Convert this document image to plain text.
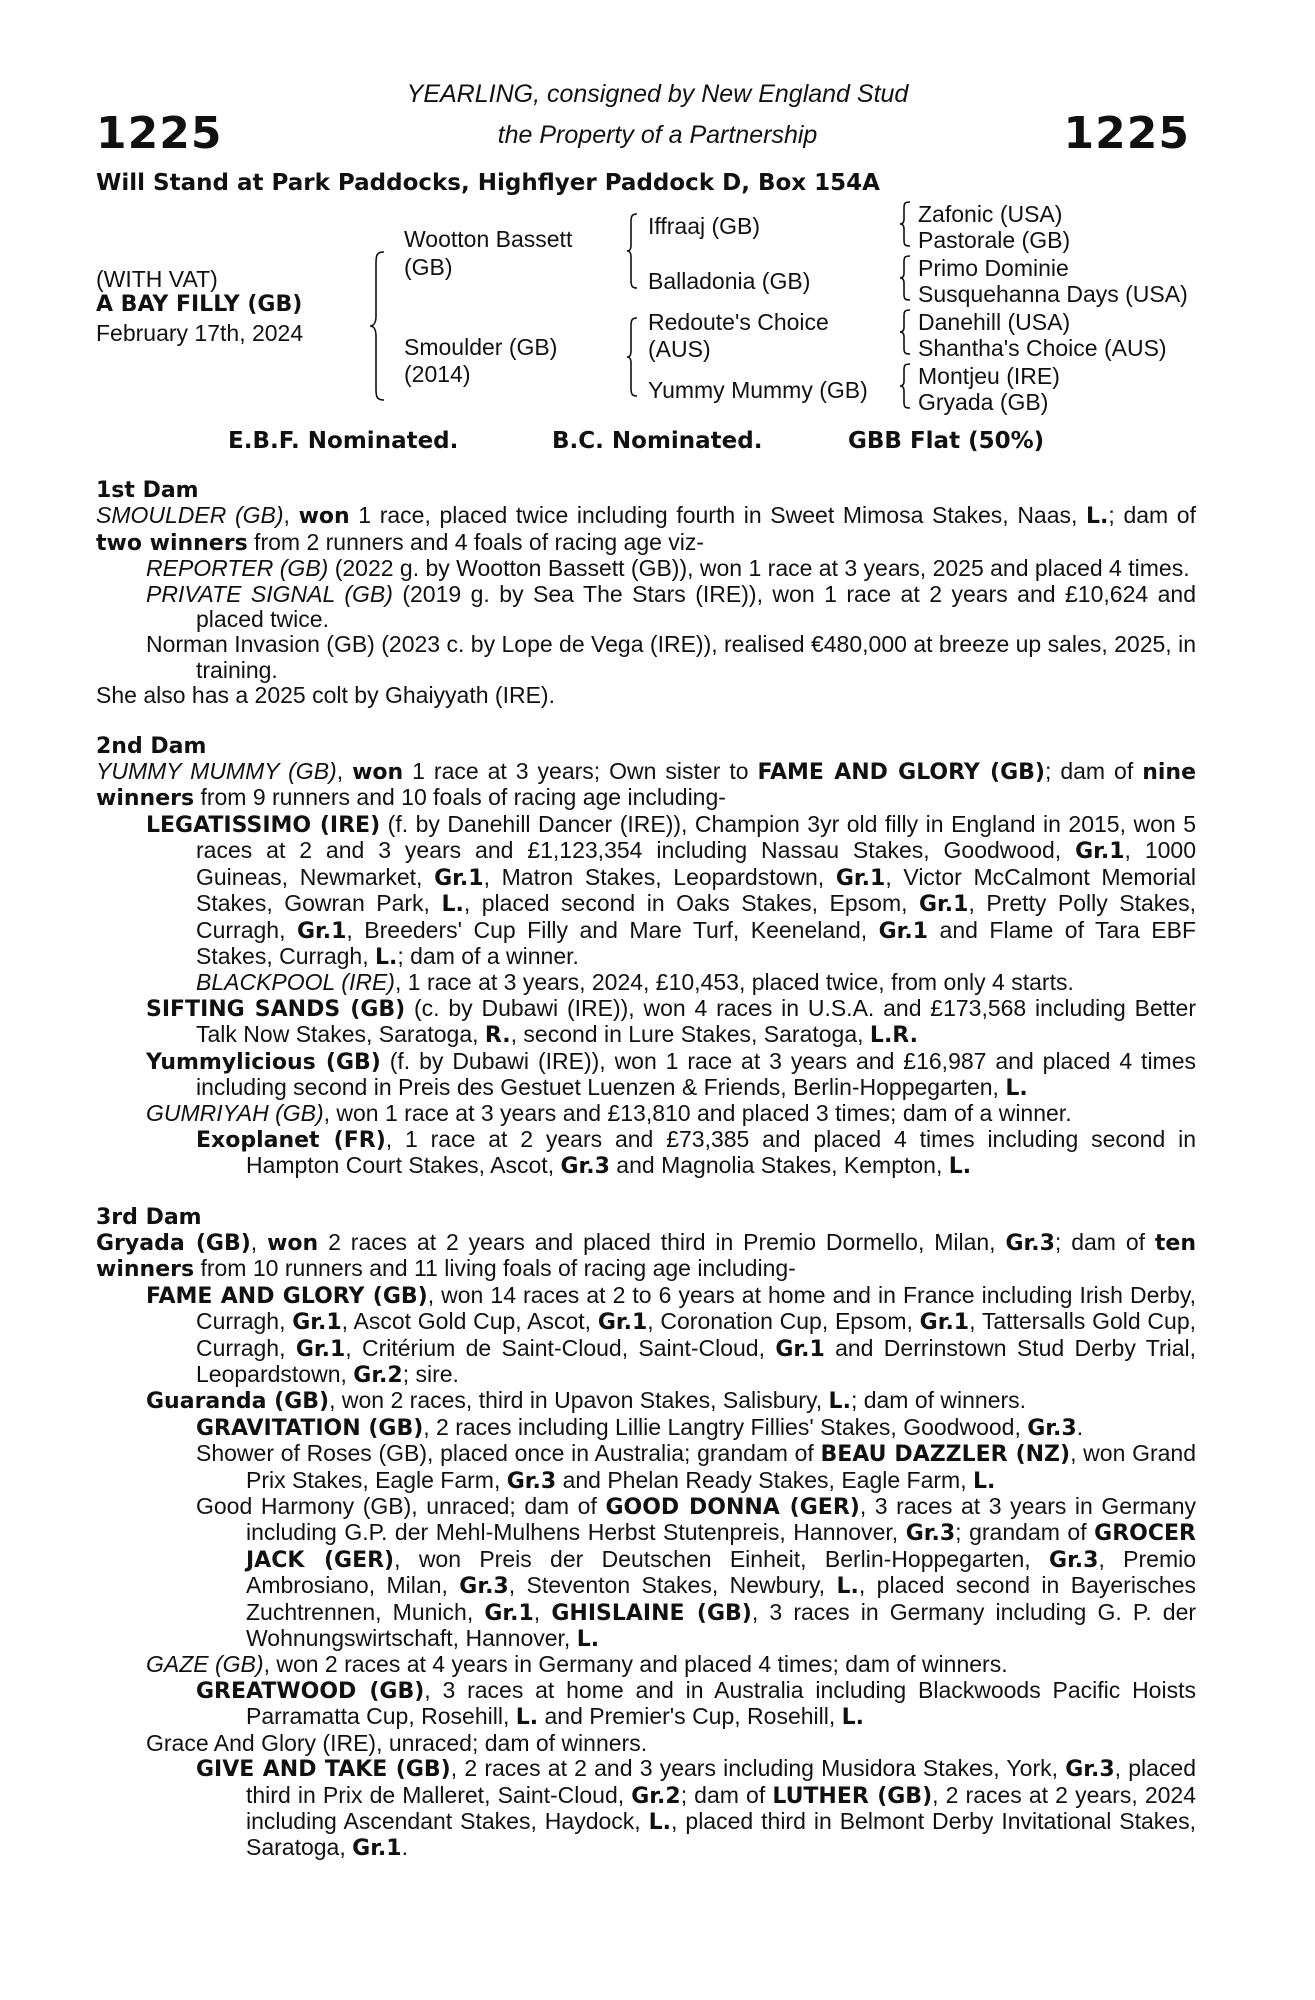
1225	1225
YEARLING, consigned by New England Stud
the Property of a Partnership
Will Stand at Park Paddocks, Highflyer Paddock D, Box 154A
(WITH VAT)
A BAY FILLY (GB)
February 17th, 2024
Wootton Bassett
(GB)
Smoulder (GB)
(2014)
Iffraaj (GB)
Balladonia (GB)
Redoute's Choice
(AUS)
Yummy Mummy (GB)
Zafonic (USA)
Pastorale (GB)
Primo Dominie
Susquehanna Days (USA)
Danehill (USA)
Shantha's Choice (AUS)
Montjeu (IRE)
Gryada (GB)
E.B.F. Nominated.	B.C. Nominated.	GBB Flat (50%)
1st Dam
SMOULDER (GB), won 1 race, placed twice including fourth in Sweet Mimosa Stakes, Naas, L.; dam of two winners from 2 runners and 4 foals of racing age viz-
REPORTER (GB) (2022 g. by Wootton Bassett (GB)), won 1 race at 3 years, 2025 and placed 4 times.
PRIVATE SIGNAL (GB) (2019 g. by Sea The Stars (IRE)), won 1 race at 2 years and £10,624 and placed twice.
Norman Invasion (GB) (2023 c. by Lope de Vega (IRE)), realised €480,000 at breeze up sales, 2025, in training.
She also has a 2025 colt by Ghaiyyath (IRE).
2nd Dam
YUMMY MUMMY (GB), won 1 race at 3 years; Own sister to FAME AND GLORY (GB); dam of nine winners from 9 runners and 10 foals of racing age including-
LEGATISSIMO (IRE) (f. by Danehill Dancer (IRE)), Champion 3yr old filly in England in 2015, won 5 races at 2 and 3 years and £1,123,354 including Nassau Stakes, Goodwood, Gr.1, 1000 Guineas, Newmarket, Gr.1, Matron Stakes, Leopardstown, Gr.1, Victor McCalmont Memorial Stakes, Gowran Park, L., placed second in Oaks Stakes, Epsom, Gr.1, Pretty Polly Stakes, Curragh, Gr.1, Breeders' Cup Filly and Mare Turf, Keeneland, Gr.1 and Flame of Tara EBF Stakes, Curragh, L.; dam of a winner.
BLACKPOOL (IRE), 1 race at 3 years, 2024, £10,453, placed twice, from only 4 starts.
SIFTING SANDS (GB) (c. by Dubawi (IRE)), won 4 races in U.S.A. and £173,568 including Better Talk Now Stakes, Saratoga, R., second in Lure Stakes, Saratoga, L.R.
Yummylicious (GB) (f. by Dubawi (IRE)), won 1 race at 3 years and £16,987 and placed 4 times including second in Preis des Gestuet Luenzen & Friends, Berlin-Hoppegarten, L.
GUMRIYAH (GB), won 1 race at 3 years and £13,810 and placed 3 times; dam of a winner.
Exoplanet (FR), 1 race at 2 years and £73,385 and placed 4 times including second in Hampton Court Stakes, Ascot, Gr.3 and Magnolia Stakes, Kempton, L.
3rd Dam
Gryada (GB), won 2 races at 2 years and placed third in Premio Dormello, Milan, Gr.3; dam of ten winners from 10 runners and 11 living foals of racing age including-
FAME AND GLORY (GB), won 14 races at 2 to 6 years at home and in France including Irish Derby, Curragh, Gr.1, Ascot Gold Cup, Ascot, Gr.1, Coronation Cup, Epsom, Gr.1, Tattersalls Gold Cup, Curragh, Gr.1, Critérium de Saint-Cloud, Saint-Cloud, Gr.1 and Derrinstown Stud Derby Trial, Leopardstown, Gr.2; sire.
Guaranda (GB), won 2 races, third in Upavon Stakes, Salisbury, L.; dam of winners.
GRAVITATION (GB), 2 races including Lillie Langtry Fillies' Stakes, Goodwood, Gr.3.
Shower of Roses (GB), placed once in Australia; grandam of BEAU DAZZLER (NZ), won Grand Prix Stakes, Eagle Farm, Gr.3 and Phelan Ready Stakes, Eagle Farm, L.
Good Harmony (GB), unraced; dam of GOOD DONNA (GER), 3 races at 3 years in Germany including G.P. der Mehl-Mulhens Herbst Stutenpreis, Hannover, Gr.3; grandam of GROCER JACK (GER), won Preis der Deutschen Einheit, Berlin-Hoppegarten, Gr.3, Premio Ambrosiano, Milan, Gr.3, Steventon Stakes, Newbury, L., placed second in Bayerisches Zuchtrennen, Munich, Gr.1, GHISLAINE (GB), 3 races in Germany including G. P. der Wohnungswirtschaft, Hannover, L.
GAZE (GB), won 2 races at 4 years in Germany and placed 4 times; dam of winners.
GREATWOOD (GB), 3 races at home and in Australia including Blackwoods Pacific Hoists Parramatta Cup, Rosehill, L. and Premier's Cup, Rosehill, L.
Grace And Glory (IRE), unraced; dam of winners.
GIVE AND TAKE (GB), 2 races at 2 and 3 years including Musidora Stakes, York, Gr.3, placed third in Prix de Malleret, Saint-Cloud, Gr.2; dam of LUTHER (GB), 2 races at 2 years, 2024 including Ascendant Stakes, Haydock, L., placed third in Belmont Derby Invitational Stakes, Saratoga, Gr.1.
